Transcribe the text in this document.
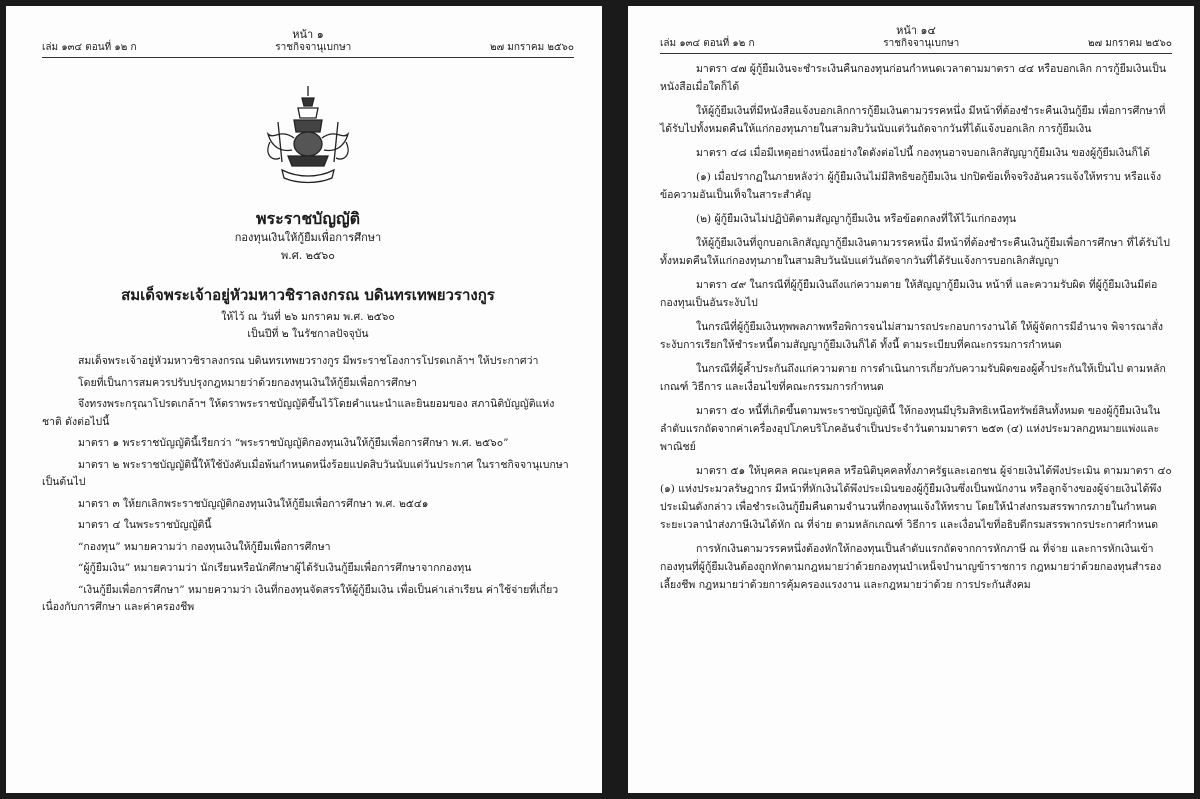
หน้า ๑
เล่ม ๑๓๔ ตอนที่ ๑๒ ก	ราชกิจจานุเบกษา	๒๗ มกราคม ๒๕๖๐
พระราชบัญญัติ
กองทุนเงินให้กู้ยืมเพื่อการศึกษา
พ.ศ. ๒๕๖๐
สมเด็จพระเจ้าอยู่หัวมหาวชิราลงกรณ บดินทรเทพยวรางกูร
ให้ไว้ ณ วันที่ ๒๖ มกราคม พ.ศ. ๒๕๖๐
เป็นปีที่ ๒ ในรัชกาลปัจจุบัน

สมเด็จพระเจ้าอยู่หัวมหาวชิราลงกรณ บดินทรเทพยวรางกูร มีพระราชโองการโปรดเกล้าฯ ให้ประกาศว่า

โดยที่เป็นการสมควรปรับปรุงกฎหมายว่าด้วยกองทุนเงินให้กู้ยืมเพื่อการศึกษา

จึงทรงพระกรุณาโปรดเกล้าฯ ให้ตราพระราชบัญญัติขึ้นไว้โดยคำแนะนำและยินยอมของ สภานิติบัญญัติแห่งชาติ ดังต่อไปนี้

มาตรา ๑ พระราชบัญญัตินี้เรียกว่า “พระราชบัญญัติกองทุนเงินให้กู้ยืมเพื่อการศึกษา พ.ศ. ๒๕๖๐”

มาตรา ๒ พระราชบัญญัตินี้ให้ใช้บังคับเมื่อพ้นกำหนดหนึ่งร้อยแปดสิบวันนับแต่วันประกาศ ในราชกิจจานุเบกษาเป็นต้นไป

มาตรา ๓ ให้ยกเลิกพระราชบัญญัติกองทุนเงินให้กู้ยืมเพื่อการศึกษา พ.ศ. ๒๕๔๑

มาตรา ๔ ในพระราชบัญญัตินี้

“กองทุน” หมายความว่า กองทุนเงินให้กู้ยืมเพื่อการศึกษา

“ผู้กู้ยืมเงิน” หมายความว่า นักเรียนหรือนักศึกษาผู้ได้รับเงินกู้ยืมเพื่อการศึกษาจากกองทุน

“เงินกู้ยืมเพื่อการศึกษา” หมายความว่า เงินที่กองทุนจัดสรรให้ผู้กู้ยืมเงิน เพื่อเป็นค่าเล่าเรียน ค่าใช้จ่ายที่เกี่ยวเนื่องกับการศึกษา และค่าครองชีพ

หน้า ๑๔
เล่ม ๑๓๔ ตอนที่ ๑๒ ก	ราชกิจจานุเบกษา	๒๗ มกราคม ๒๕๖๐

มาตรา ๔๗ ผู้กู้ยืมเงินจะชำระเงินคืนกองทุนก่อนกำหนดเวลาตามมาตรา ๔๔ หรือบอกเลิก การกู้ยืมเงินเป็นหนังสือเมื่อใดก็ได้

ให้ผู้กู้ยืมเงินที่มีหนังสือแจ้งบอกเลิกการกู้ยืมเงินตามวรรคหนึ่ง มีหน้าที่ต้องชำระคืนเงินกู้ยืม เพื่อการศึกษาที่ได้รับไปทั้งหมดคืนให้แก่กองทุนภายในสามสิบวันนับแต่วันถัดจากวันที่ได้แจ้งบอกเลิก การกู้ยืมเงิน

มาตรา ๔๘ เมื่อมีเหตุอย่างหนึ่งอย่างใดดังต่อไปนี้ กองทุนอาจบอกเลิกสัญญากู้ยืมเงิน ของผู้กู้ยืมเงินก็ได้

(๑) เมื่อปรากฏในภายหลังว่า ผู้กู้ยืมเงินไม่มีสิทธิขอกู้ยืมเงิน ปกปิดข้อเท็จจริงอันควรแจ้งให้ทราบ หรือแจ้งข้อความอันเป็นเท็จในสาระสำคัญ

(๒) ผู้กู้ยืมเงินไม่ปฏิบัติตามสัญญากู้ยืมเงิน หรือข้อตกลงที่ให้ไว้แก่กองทุน

ให้ผู้กู้ยืมเงินที่ถูกบอกเลิกสัญญากู้ยืมเงินตามวรรคหนึ่ง มีหน้าที่ต้องชำระคืนเงินกู้ยืมเพื่อการศึกษา ที่ได้รับไปทั้งหมดคืนให้แก่กองทุนภายในสามสิบวันนับแต่วันถัดจากวันที่ได้รับแจ้งการบอกเลิกสัญญา

มาตรา ๔๙ ในกรณีที่ผู้กู้ยืมเงินถึงแก่ความตาย ให้สัญญากู้ยืมเงิน หน้าที่ และความรับผิด ที่ผู้กู้ยืมเงินมีต่อกองทุนเป็นอันระงับไป

ในกรณีที่ผู้กู้ยืมเงินทุพพลภาพหรือพิการจนไม่สามารถประกอบการงานได้ ให้ผู้จัดการมีอำนาจ พิจารณาสั่งระงับการเรียกให้ชำระหนี้ตามสัญญากู้ยืมเงินก็ได้ ทั้งนี้ ตามระเบียบที่คณะกรรมการกำหนด

ในกรณีที่ผู้ค้ำประกันถึงแก่ความตาย การดำเนินการเกี่ยวกับความรับผิดของผู้ค้ำประกันให้เป็นไป ตามหลักเกณฑ์ วิธีการ และเงื่อนไขที่คณะกรรมการกำหนด

มาตรา ๕๐ หนี้ที่เกิดขึ้นตามพระราชบัญญัตินี้ ให้กองทุนมีบุริมสิทธิเหนือทรัพย์สินทั้งหมด ของผู้กู้ยืมเงินในลำดับแรกถัดจากค่าเครื่องอุปโภคบริโภคอันจำเป็นประจำวันตามมาตรา ๒๕๓ (๔) แห่งประมวลกฎหมายแพ่งและพาณิชย์

มาตรา ๕๑ ให้บุคคล คณะบุคคล หรือนิติบุคคลทั้งภาครัฐและเอกชน ผู้จ่ายเงินได้พึงประเมิน ตามมาตรา ๔๐ (๑) แห่งประมวลรัษฎากร มีหน้าที่หักเงินได้พึงประเมินของผู้กู้ยืมเงินซึ่งเป็นพนักงาน หรือลูกจ้างของผู้จ่ายเงินได้พึงประเมินดังกล่าว เพื่อชำระเงินกู้ยืมคืนตามจำนวนที่กองทุนแจ้งให้ทราบ โดยให้นำส่งกรมสรรพากรภายในกำหนดระยะเวลานำส่งภาษีเงินได้หัก ณ ที่จ่าย ตามหลักเกณฑ์ วิธีการ และเงื่อนไขที่อธิบดีกรมสรรพากรประกาศกำหนด

การหักเงินตามวรรคหนึ่งต้องหักให้กองทุนเป็นลำดับแรกถัดจากการหักภาษี ณ ที่จ่าย และการหักเงินเข้ากองทุนที่ผู้กู้ยืมเงินต้องถูกหักตามกฎหมายว่าด้วยกองทุนบำเหน็จบำนาญข้าราชการ กฎหมายว่าด้วยกองทุนสำรองเลี้ยงชีพ กฎหมายว่าด้วยการคุ้มครองแรงงาน และกฎหมายว่าด้วย การประกันสังคม
